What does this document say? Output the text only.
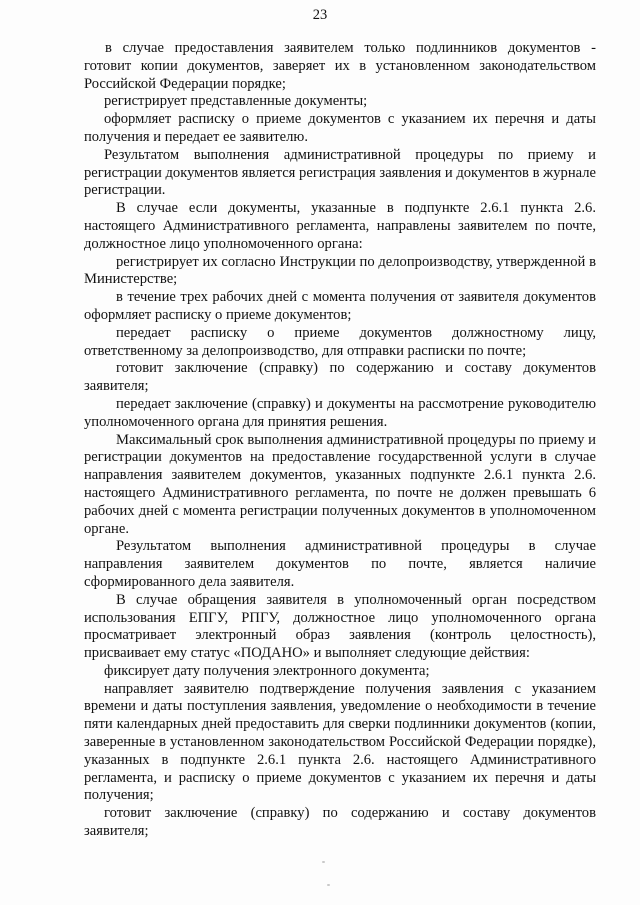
23

в случае предоставления заявителем только подлинников документов - готовит копии документов, заверяет их в установленном законодательством Российской Федерации порядке;

регистрирует представленные документы;

оформляет расписку о приеме документов с указанием их перечня и даты получения и передает ее заявителю.

Результатом выполнения административной процедуры по приему и регистрации документов является регистрация заявления и документов в журнале регистрации.

В случае если документы, указанные в подпункте 2.6.1 пункта 2.6. настоящего Административного регламента, направлены заявителем по почте, должностное лицо уполномоченного органа:

регистрирует их согласно Инструкции по делопроизводству, утвержденной в Министерстве;

в течение трех рабочих дней с момента получения от заявителя документов оформляет расписку о приеме документов;

передает расписку о приеме документов должностному лицу, ответственному за делопроизводство, для отправки расписки по почте;

готовит заключение (справку) по содержанию и составу документов заявителя;

передает заключение (справку) и документы на рассмотрение руководителю уполномоченного органа для принятия решения.

Максимальный срок выполнения административной процедуры по приему и регистрации документов на предоставление государственной услуги в случае направления заявителем документов, указанных подпункте 2.6.1 пункта 2.6. настоящего Административного регламента, по почте не должен превышать 6 рабочих дней с момента регистрации полученных документов в уполномоченном органе.

Результатом выполнения административной процедуры в случае направления заявителем документов по почте, является наличие сформированного дела заявителя.

В случае обращения заявителя в уполномоченный орган посредством использования ЕПГУ, РПГУ, должностное лицо уполномоченного органа просматривает электронный образ заявления (контроль целостность), присваивает ему статус «ПОДАНО» и выполняет следующие действия:

фиксирует дату получения электронного документа;

направляет заявителю подтверждение получения заявления с указанием времени и даты поступления заявления, уведомление о необходимости в течение пяти календарных дней предоставить для сверки подлинники документов (копии, заверенные в установленном законодательством Российской Федерации порядке), указанных в подпункте 2.6.1 пункта 2.6. настоящего Административного регламента, и расписку о приеме документов с указанием их перечня и даты получения;

готовит заключение (справку) по содержанию и составу документов заявителя;
